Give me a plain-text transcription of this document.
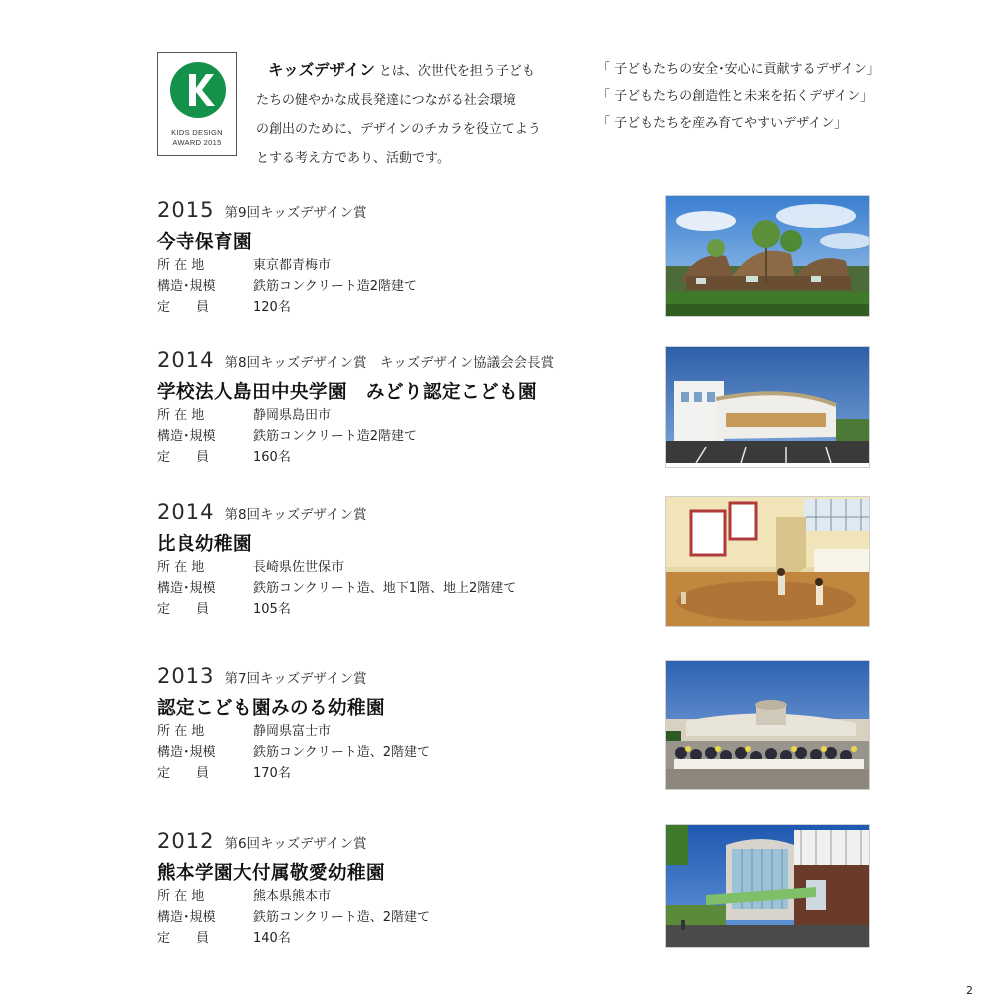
KIDS DESIGN
AWARD 2015
キッズデザイン とは、次世代を担う子ども
たちの健やかな成長発達につながる社会環境
の創出のために、デザインのチカラを役立てよう
とする考え方であり、活動です。
「 子どもたちの安全･安心に貢献するデザイン」
「 子どもたちの創造性と未来を拓くデザイン」
「 子どもたちを産み育てやすいデザイン」
2015 第9回キッズデザイン賞
今寺保育園
所 在 地	東京都青梅市
構造･規模	鉄筋コンクリート造2階建て
定　　員	120名
2014 第8回キッズデザイン賞　キッズデザイン協議会会長賞
学校法人島田中央学園　みどり認定こども園
所 在 地	静岡県島田市
構造･規模	鉄筋コンクリート造2階建て
定　　員	160名
2014 第8回キッズデザイン賞
比良幼稚園
所 在 地	長崎県佐世保市
構造･規模	鉄筋コンクリート造、地下1階、地上2階建て
定　　員	105名
2013 第7回キッズデザイン賞
認定こども園みのる幼稚園
所 在 地	静岡県富士市
構造･規模	鉄筋コンクリート造、2階建て
定　　員	170名
2012 第6回キッズデザイン賞
熊本学園大付属敬愛幼稚園
所 在 地	熊本県熊本市
構造･規模	鉄筋コンクリート造、2階建て
定　　員	140名
2
